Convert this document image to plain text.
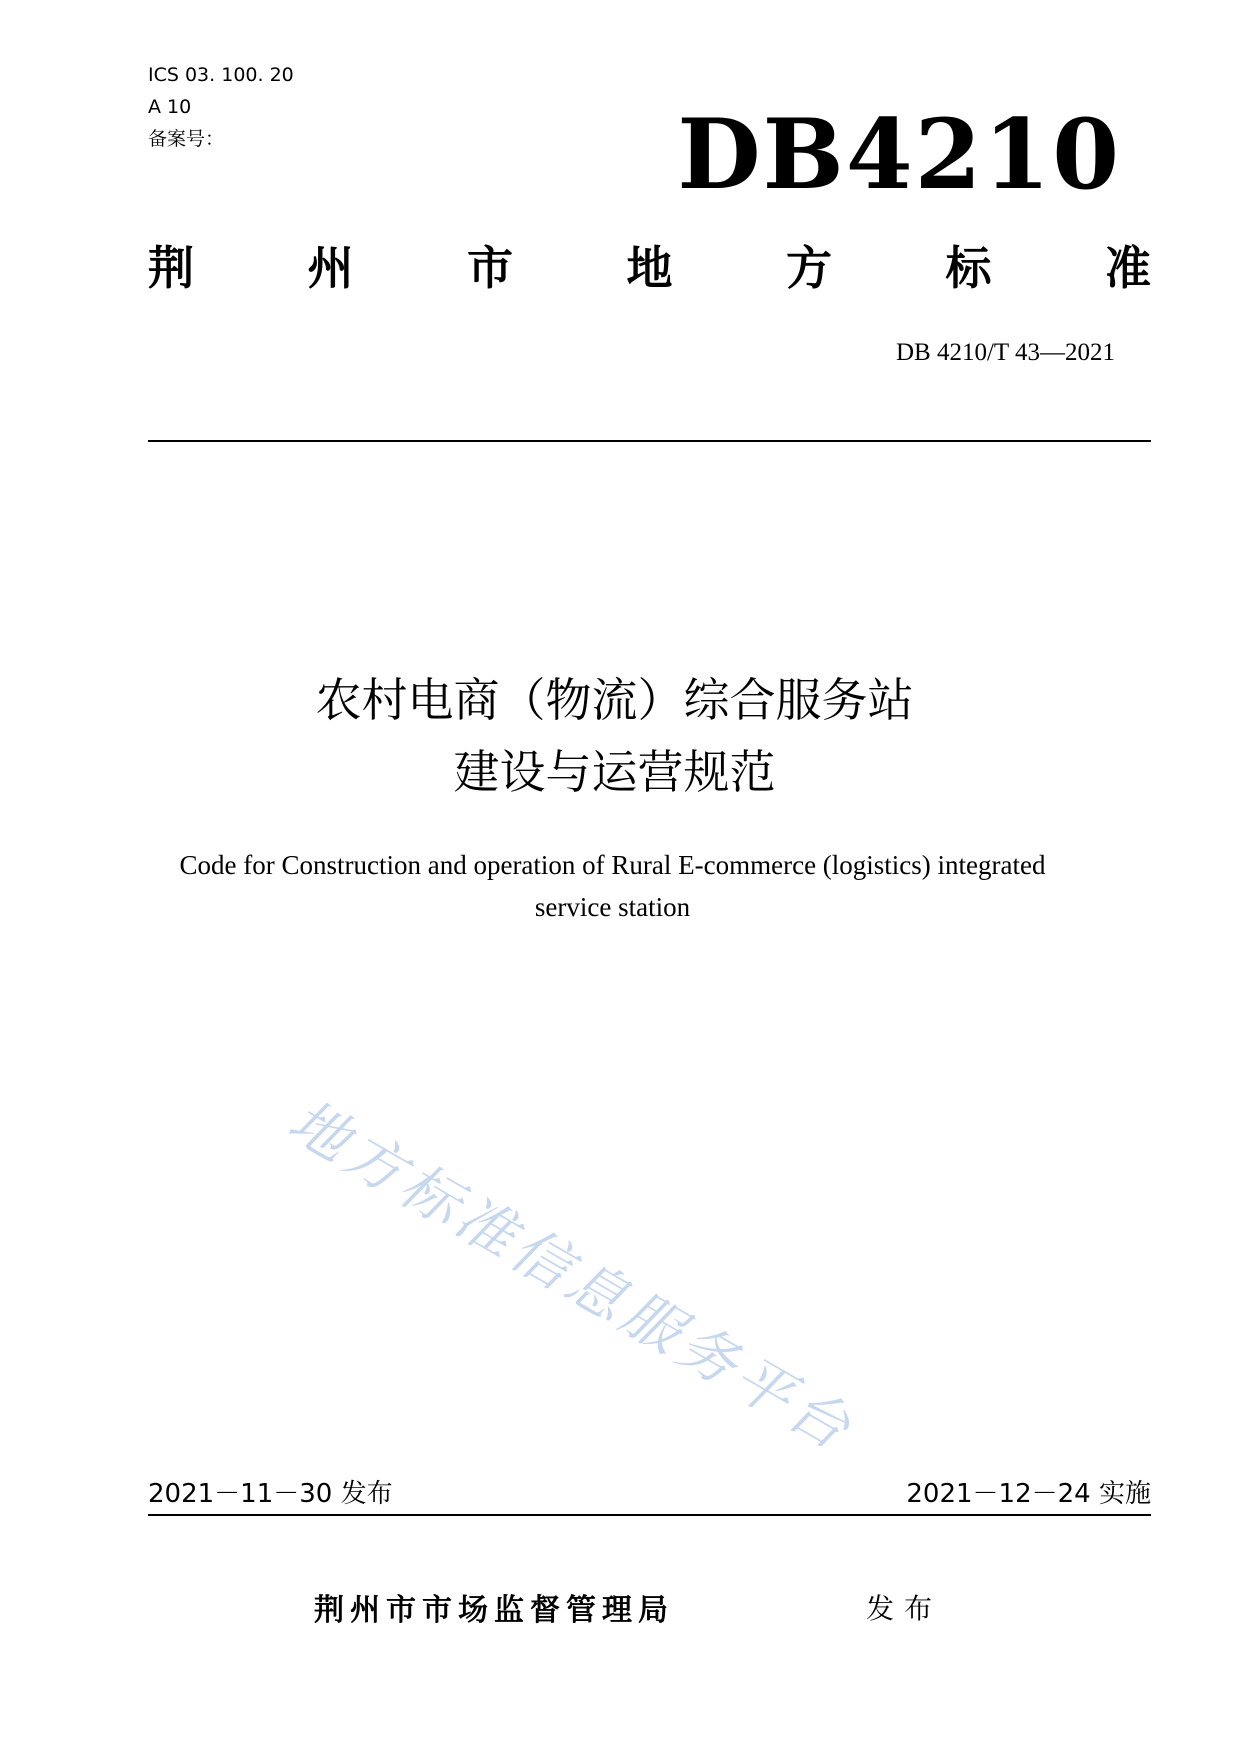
ICS 03. 100. 20
A 10
备案号：	DB4210
荆 州 市 地 方 标 准
DB 4210/T 43—2021
农村电商（物流）综合服务站
建设与运营规范
Code for Construction and operation of Rural E-commerce (logistics) integrated
service station
地方标准信息服务平台
2021－11－30 发布	2021－12－24 实施
荆州市市场监督管理局	发布
